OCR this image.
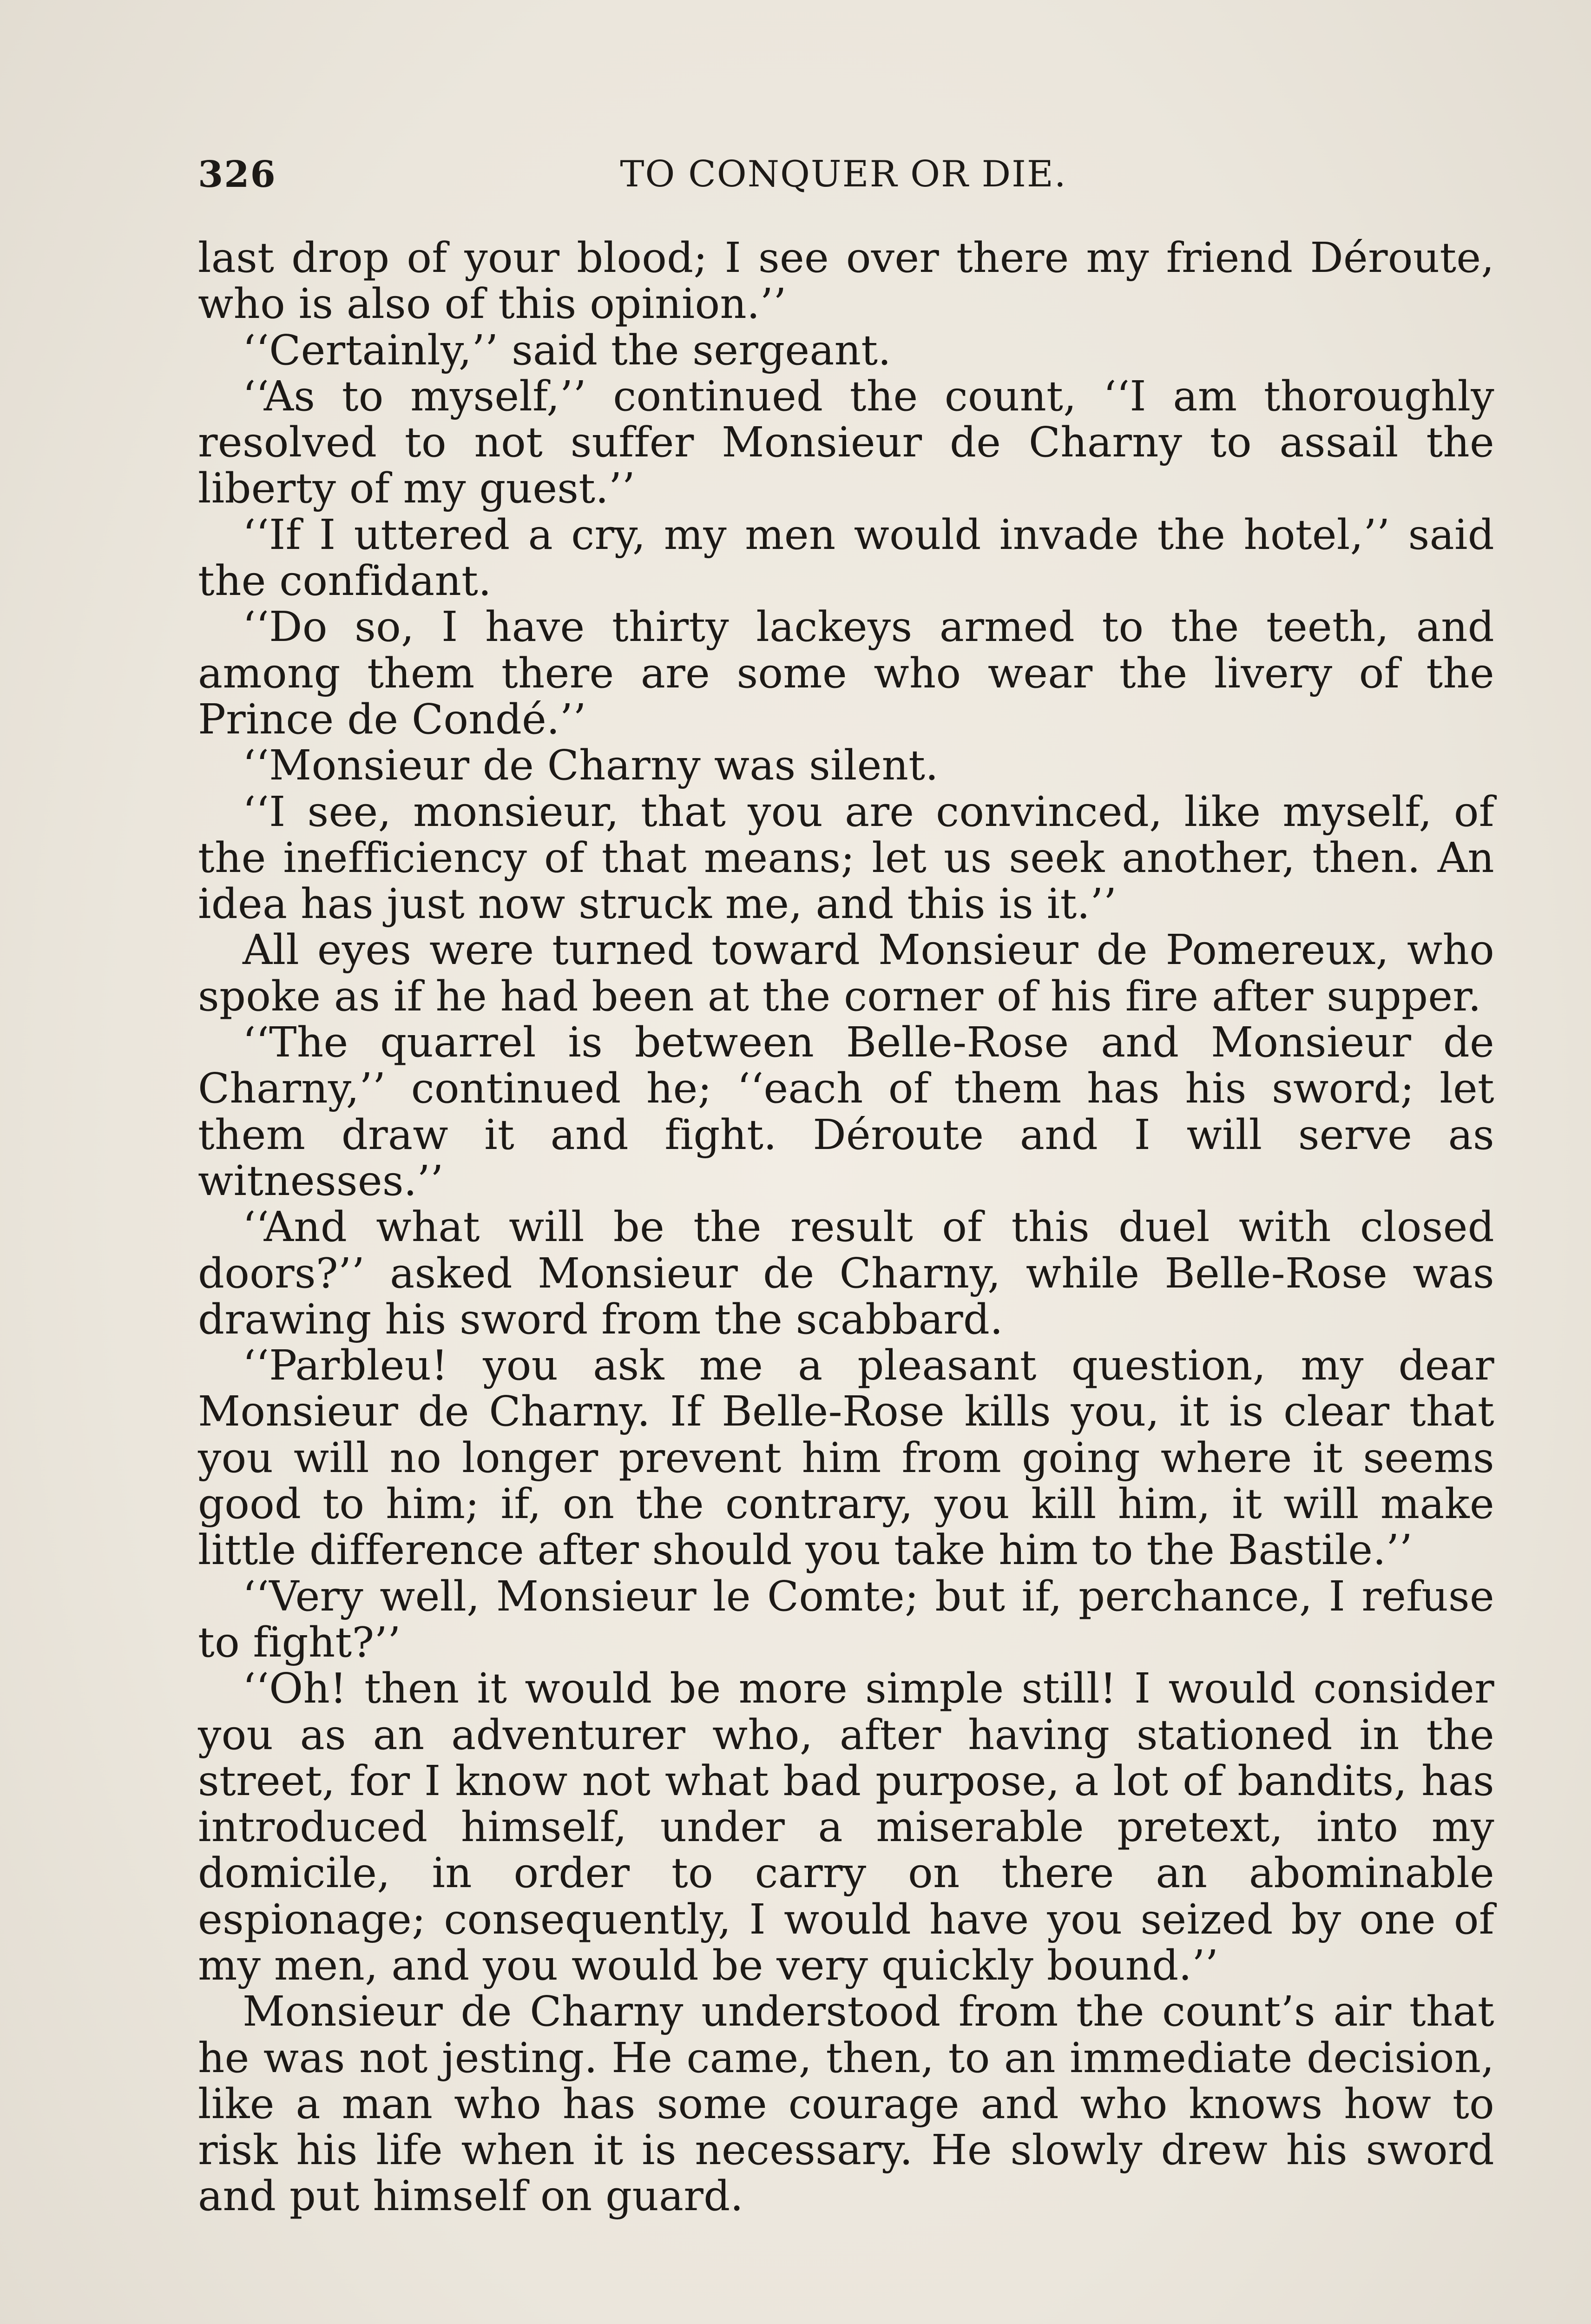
326	TO CONQUER OR DIE.

last drop of your blood; I see over there my friend Déroute, who is also of this opinion.’’

‘‘Certainly,’’ said the sergeant.

‘‘As to myself,’’ continued the count, ‘‘I am thoroughly resolved to not suffer Monsieur de Charny to assail the liberty of my guest.’’

‘‘If I uttered a cry, my men would invade the hotel,’’ said the confidant.

‘‘Do so, I have thirty lackeys armed to the teeth, and among them there are some who wear the livery of the Prince de Condé.’’

‘‘Monsieur de Charny was silent.

‘‘I see, monsieur, that you are convinced, like myself, of the inefficiency of that means; let us seek another, then. An idea has just now struck me, and this is it.’’

All eyes were turned toward Monsieur de Pomereux, who spoke as if he had been at the corner of his fire after supper.

‘‘The quarrel is between Belle-Rose and Monsieur de Charny,’’ continued he; ‘‘each of them has his sword; let them draw it and fight. Déroute and I will serve as witnesses.’’

‘‘And what will be the result of this duel with closed doors?’’ asked Monsieur de Charny, while Belle-Rose was drawing his sword from the scabbard.

‘‘Parbleu! you ask me a pleasant question, my dear Monsieur de Charny. If Belle-Rose kills you, it is clear that you will no longer prevent him from going where it seems good to him; if, on the contrary, you kill him, it will make little difference after should you take him to the Bastile.’’

‘‘Very well, Monsieur le Comte; but if, perchance, I refuse to fight?’’

‘‘Oh! then it would be more simple still! I would consider you as an adventurer who, after having stationed in the street, for I know not what bad purpose, a lot of bandits, has introduced himself, under a miserable pretext, into my domicile, in order to carry on there an abominable espionage; consequently, I would have you seized by one of my men, and you would be very quickly bound.’’

Monsieur de Charny understood from the count’s air that he was not jesting. He came, then, to an immediate decision, like a man who has some courage and who knows how to risk his life when it is necessary. He slowly drew his sword and put himself on guard.
